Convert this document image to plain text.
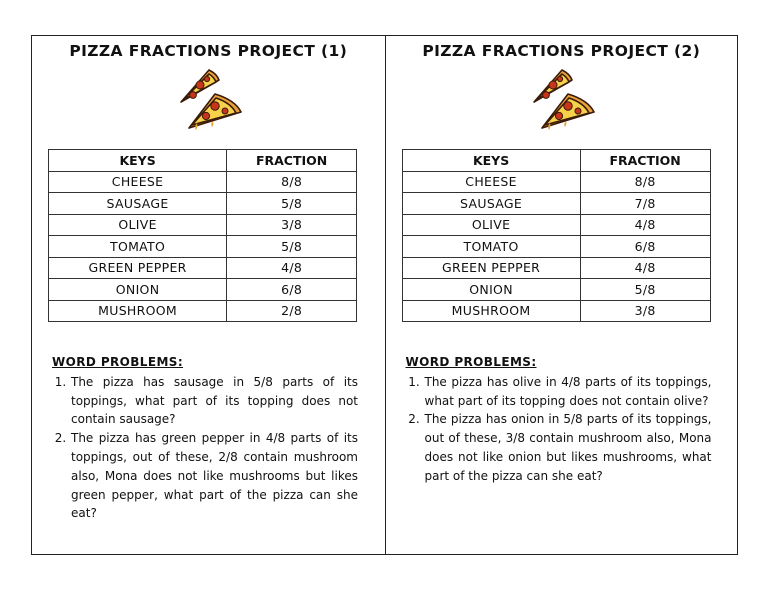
PIZZA FRACTIONS PROJECT (1)
KEYS	FRACTION
CHEESE	8/8
SAUSAGE	5/8
OLIVE	3/8
TOMATO	5/8
GREEN PEPPER	4/8
ONION	6/8
MUSHROOM	2/8
WORD PROBLEMS:
1. The pizza has sausage in 5/8 parts of its toppings, what part of its topping does not contain sausage?
2. The pizza has green pepper in 4/8 parts of its toppings, out of these, 2/8 contain mushroom also, Mona does not like mushrooms but likes green pepper, what part of the pizza can she eat?
PIZZA FRACTIONS PROJECT (2)
KEYS	FRACTION
CHEESE	8/8
SAUSAGE	7/8
OLIVE	4/8
TOMATO	6/8
GREEN PEPPER	4/8
ONION	5/8
MUSHROOM	3/8
WORD PROBLEMS:
1. The pizza has olive in 4/8 parts of its toppings, what part of its topping does not contain olive?
2. The pizza has onion in 5/8 parts of its toppings, out of these, 3/8 contain mushroom also, Mona does not like onion but likes mushrooms, what part of the pizza can she eat?
